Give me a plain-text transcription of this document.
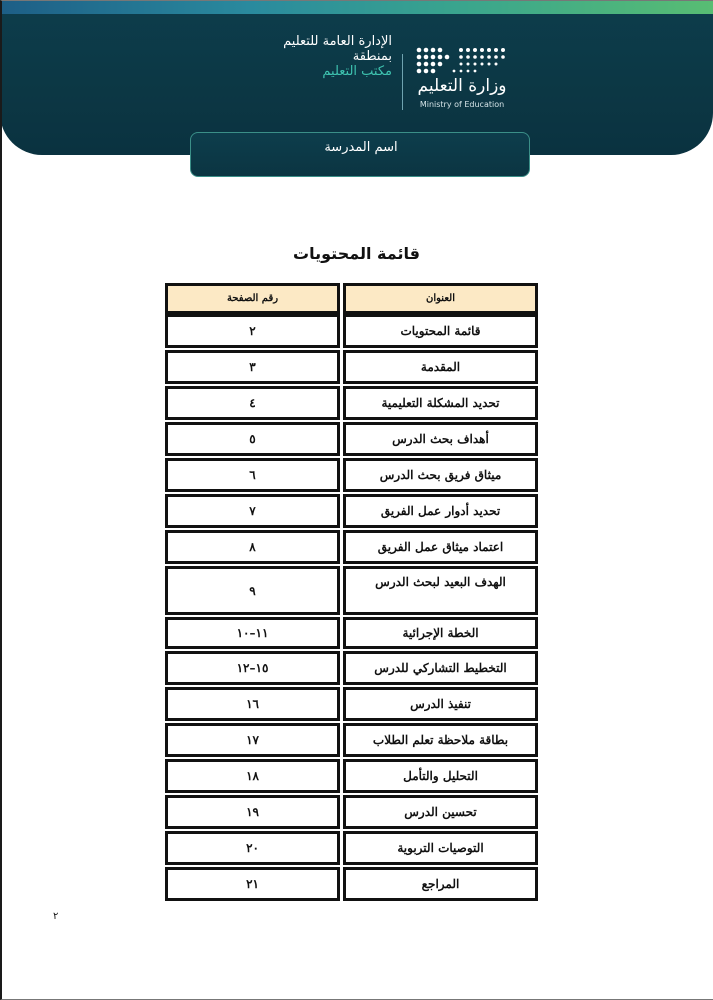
وزارة التعليم
Ministry of Education
الإدارة العامة للتعليم
بمنطقة
مكتب التعليم
اسم المدرسة
قائمة المحتويات
العنوان
رقم الصفحة
قائمة المحتويات
٢
المقدمة
٣
تحديد المشكلة التعليمية
٤
أهداف بحث الدرس
٥
ميثاق فريق بحث الدرس
٦
تحديد أدوار عمل الفريق
٧
اعتماد ميثاق عمل الفريق
٨
الهدف البعيد لبحث الدرس
٩
الخطة الإجرائية
١١–١٠
التخطيط التشاركي للدرس
١٥–١٢
تنفيذ الدرس
١٦
بطاقة ملاحظة تعلم الطلاب
١٧
التحليل والتأمل
١٨
تحسين الدرس
١٩
التوصيات التربوية
٢٠
المراجع
٢١
٢
